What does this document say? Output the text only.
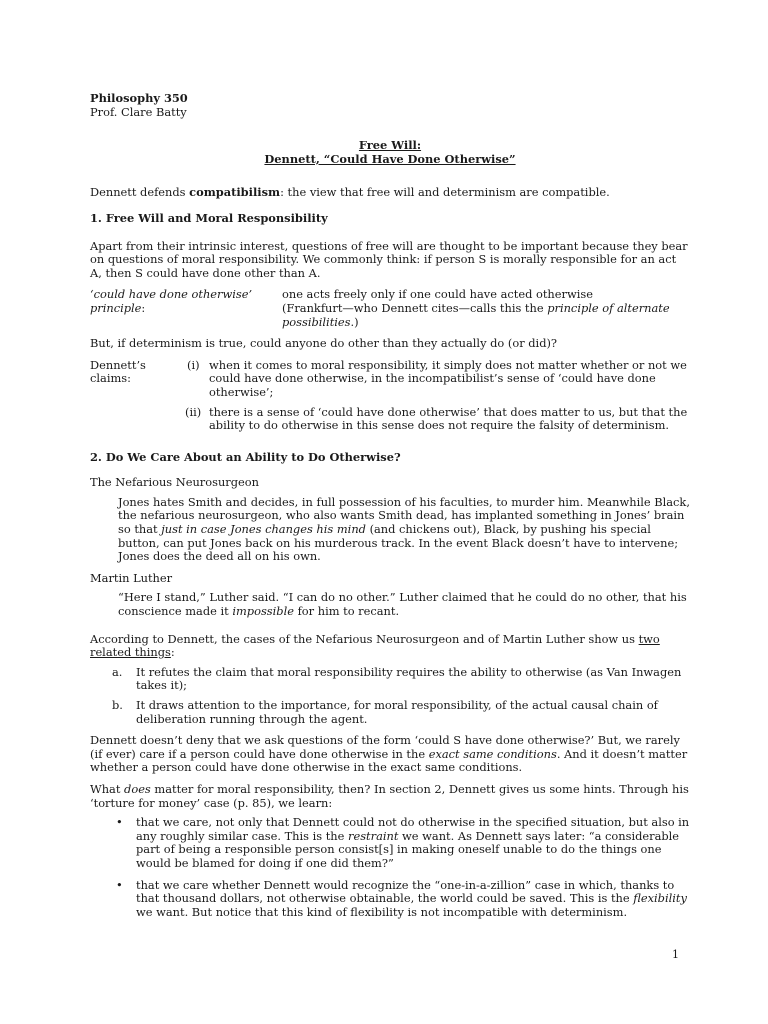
Philosophy 350

Prof. Clare Batty

Free Will:

Dennett, “Could Have Done Otherwise”

Dennett defends compatibilism: the view that free will and determinism are compatible.

1. Free Will and Moral Responsibility

Apart from their intrinsic interest, questions of free will are thought to be important because they bear on questions of moral responsibility. We commonly think: if person S is morally responsible for an act A, then S could have done other than A.

‘could have done otherwise’ principle:
one acts freely only if one could have acted otherwise
(Frankfurt—who Dennett cites—calls this the principle of alternate possibilities.)

But, if determinism is true, could anyone do other than they actually do (or did)?

Dennett’s claims:
(i) when it comes to moral responsibility, it simply does not matter whether or not we could have done otherwise, in the incompatibilist’s sense of ‘could have done otherwise’;
(ii) there is a sense of ‘could have done otherwise’ that does matter to us, but that the ability to do otherwise in this sense does not require the falsity of determinism.

2. Do We Care About an Ability to Do Otherwise?

The Nefarious Neurosurgeon

Jones hates Smith and decides, in full possession of his faculties, to murder him. Meanwhile Black, the nefarious neurosurgeon, who also wants Smith dead, has implanted something in Jones’ brain so that just in case Jones changes his mind (and chickens out), Black, by pushing his special button, can put Jones back on his murderous track. In the event Black doesn’t have to intervene; Jones does the deed all on his own.

Martin Luther

“Here I stand,” Luther said. “I can do no other.” Luther claimed that he could do no other, that his conscience made it impossible for him to recant.

According to Dennett, the cases of the Nefarious Neurosurgeon and of Martin Luther show us two related things:

a.	It refutes the claim that moral responsibility requires the ability to otherwise (as Van Inwagen takes it);
b.	It draws attention to the importance, for moral responsibility, of the actual causal chain of deliberation running through the agent.

Dennett doesn’t deny that we ask questions of the form ‘could S have done otherwise?’ But, we rarely (if ever) care if a person could have done otherwise in the exact same conditions. And it doesn’t matter whether a person could have done otherwise in the exact same conditions.

What does matter for moral responsibility, then? In section 2, Dennett gives us some hints. Through his ‘torture for money’ case (p. 85), we learn:

•	that we care, not only that Dennett could not do otherwise in the specified situation, but also in any roughly similar case. This is the restraint we want. As Dennett says later: “a considerable part of being a responsible person consist[s] in making oneself unable to do the things one would be blamed for doing if one did them?”
•	that we care whether Dennett would recognize the “one-in-a-zillion” case in which, thanks to that thousand dollars, not otherwise obtainable, the world could be saved. This is the flexibility we want. But notice that this kind of flexibility is not incompatible with determinism.
1
